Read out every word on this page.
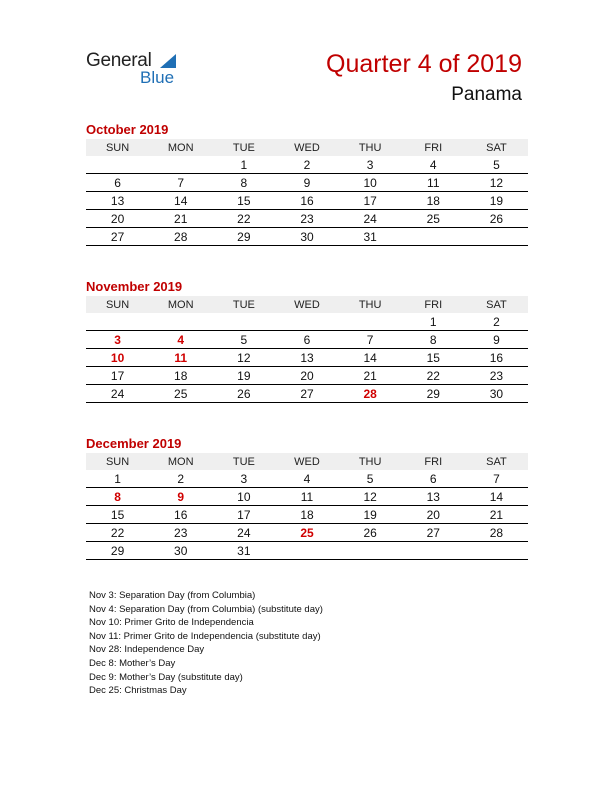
General
Blue	Quarter 4 of 2019
Panama
October 2019
SUN	MON	TUE	WED	THU	FRI	SAT
		1	2	3	4	5
6	7	8	9	10	11	12
13	14	15	16	17	18	19
20	21	22	23	24	25	26
27	28	29	30	31		
November 2019
SUN	MON	TUE	WED	THU	FRI	SAT
					1	2
3	4	5	6	7	8	9
10	11	12	13	14	15	16
17	18	19	20	21	22	23
24	25	26	27	28	29	30
December 2019
SUN	MON	TUE	WED	THU	FRI	SAT
1	2	3	4	5	6	7
8	9	10	11	12	13	14
15	16	17	18	19	20	21
22	23	24	25	26	27	28
29	30	31				
Nov 3: Separation Day (from Columbia)
Nov 4: Separation Day (from Columbia) (substitute day)
Nov 10: Primer Grito de Independencia
Nov 11: Primer Grito de Independencia (substitute day)
Nov 28: Independence Day
Dec 8: Mother’s Day
Dec 9: Mother’s Day (substitute day)
Dec 25: Christmas Day
